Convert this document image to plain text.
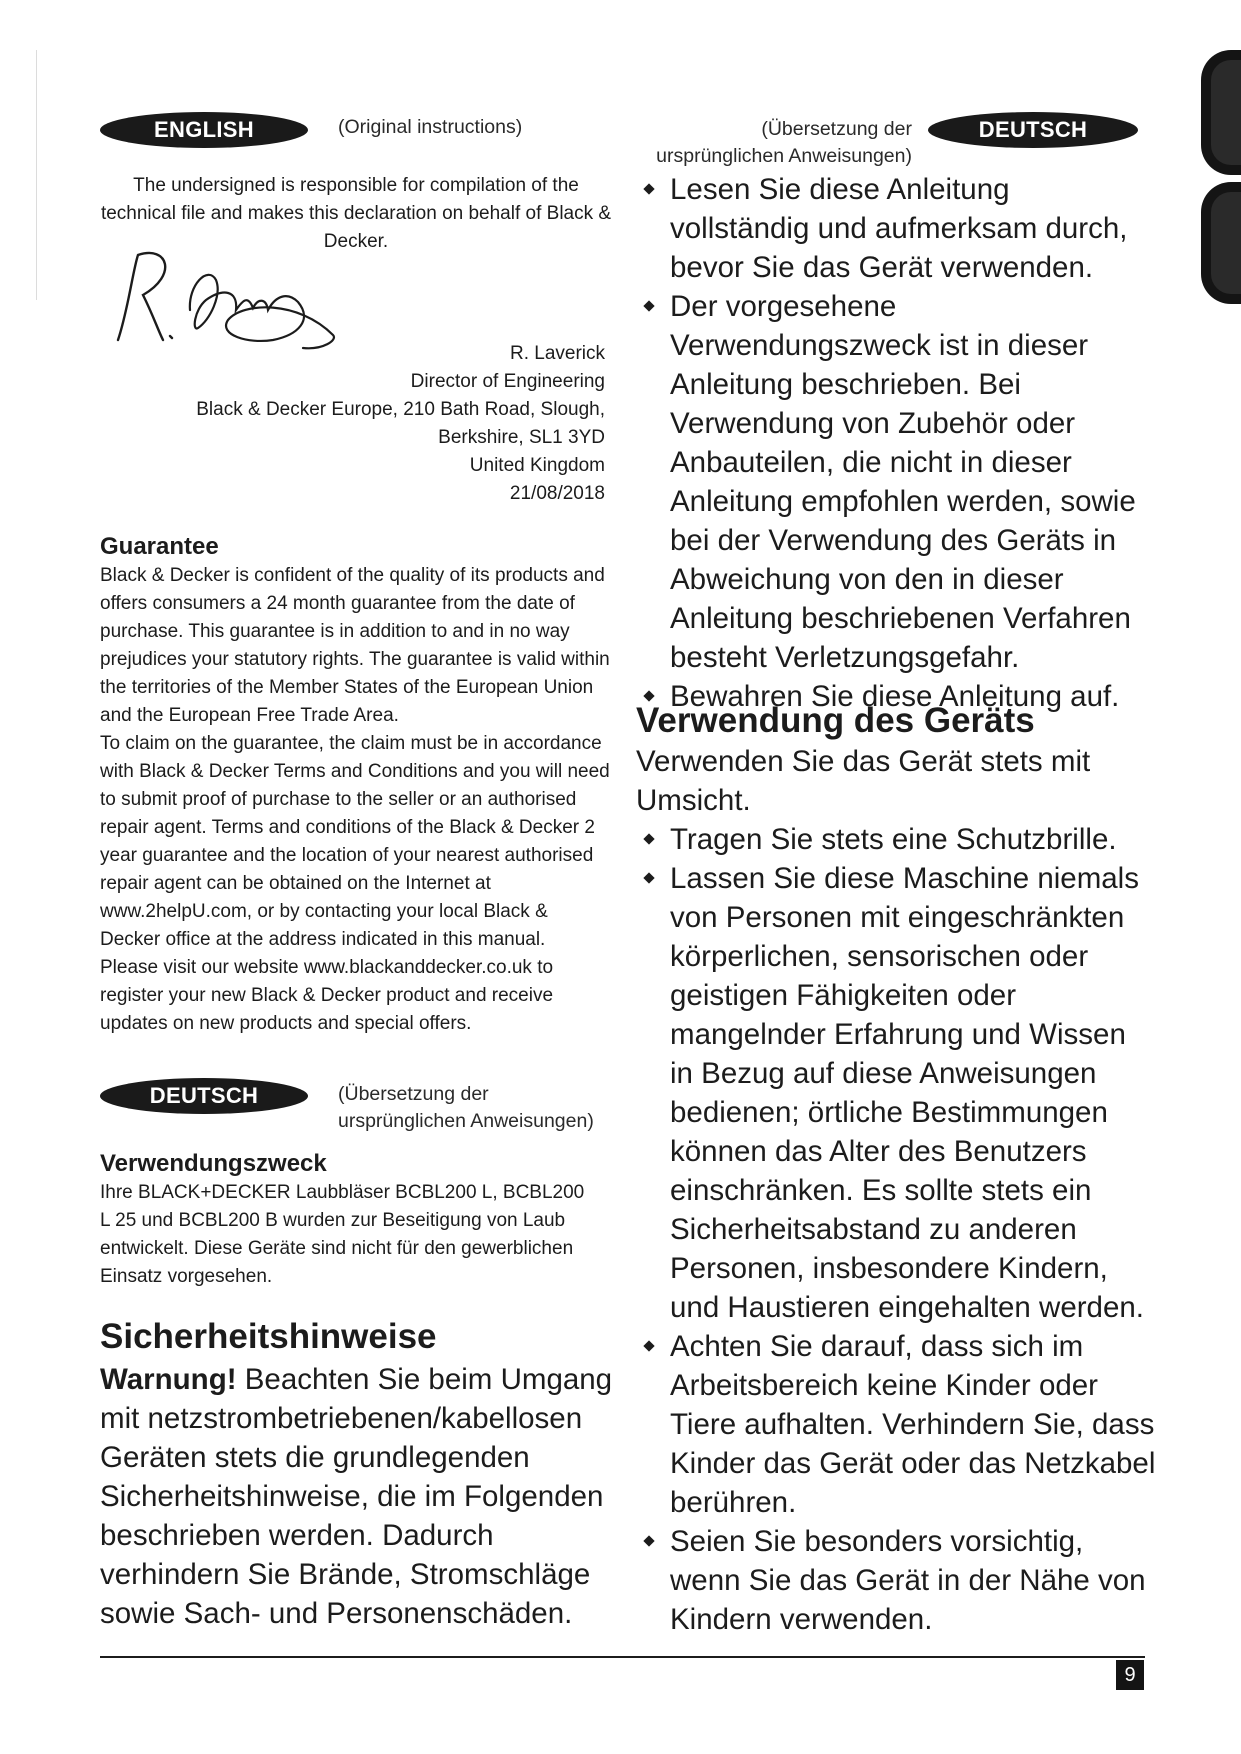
ENGLISH	(Original instructions)

The undersigned is responsible for compilation of the technical file and makes this declaration on behalf of Black & Decker.

R. Laverick
Director of Engineering
Black & Decker Europe, 210 Bath Road, Slough,
Berkshire, SL1 3YD
United Kingdom
21/08/2018
Guarantee

Black & Decker is confident of the quality of its products and offers consumers a 24 month guarantee from the date of purchase. This guarantee is in addition to and in no way prejudices your statutory rights. The guarantee is valid within the territories of the Member States of the European Union and the European Free Trade Area.

To claim on the guarantee, the claim must be in accordance with Black & Decker Terms and Conditions and you will need to submit proof of purchase to the seller or an authorised repair agent. Terms and conditions of the Black & Decker 2 year guarantee and the location of your nearest authorised repair agent can be obtained on the Internet at www.2helpU.com, or by contacting your local Black & Decker office at the address indicated in this manual.

Please visit our website www.blackanddecker.co.uk to register your new Black & Decker product and receive updates on new products and special offers.

DEUTSCH	(Übersetzung der ursprünglichen Anweisungen)
Verwendungszweck

Ihre BLACK+DECKER Laubbläser BCBL200 L, BCBL200 L 25 und BCBL200 B wurden zur Beseitigung von Laub entwickelt. Diese Geräte sind nicht für den gewerblichen Einsatz vorgesehen.

Sicherheitshinweise

Warnung! Beachten Sie beim Umgang mit netzstrombetriebenen/kabellosen Geräten stets die grundlegenden Sicherheitshinweise, die im Folgenden beschrieben werden. Dadurch verhindern Sie Brände, Stromschläge sowie Sach- und Personenschäden.

(Übersetzung der ursprünglichen Anweisungen)
DEUTSCH
Lesen Sie diese Anleitung vollständig und aufmerksam durch, bevor Sie das Gerät verwenden.
Der vorgesehene Verwendungszweck ist in dieser Anleitung beschrieben. Bei Verwendung von Zubehör oder Anbauteilen, die nicht in dieser Anleitung empfohlen werden, sowie bei der Verwendung des Geräts in Abweichung von den in dieser Anleitung beschriebenen Verfahren besteht Verletzungsgefahr.
Bewahren Sie diese Anleitung auf.
Verwendung des Geräts

Verwenden Sie das Gerät stets mit Umsicht.

Tragen Sie stets eine Schutzbrille.
Lassen Sie diese Maschine niemals von Personen mit eingeschränkten körperlichen, sensorischen oder geistigen Fähigkeiten oder mangelnder Erfahrung und Wissen in Bezug auf diese Anweisungen bedienen; örtliche Bestimmungen können das Alter des Benutzers einschränken. Es sollte stets ein Sicherheitsabstand zu anderen Personen, insbesondere Kindern, und Haustieren eingehalten werden.
Achten Sie darauf, dass sich im Arbeitsbereich keine Kinder oder Tiere aufhalten. Verhindern Sie, dass Kinder das Gerät oder das Netzkabel berühren.
Seien Sie besonders vorsichtig, wenn Sie das Gerät in der Nähe von Kindern verwenden.
9
